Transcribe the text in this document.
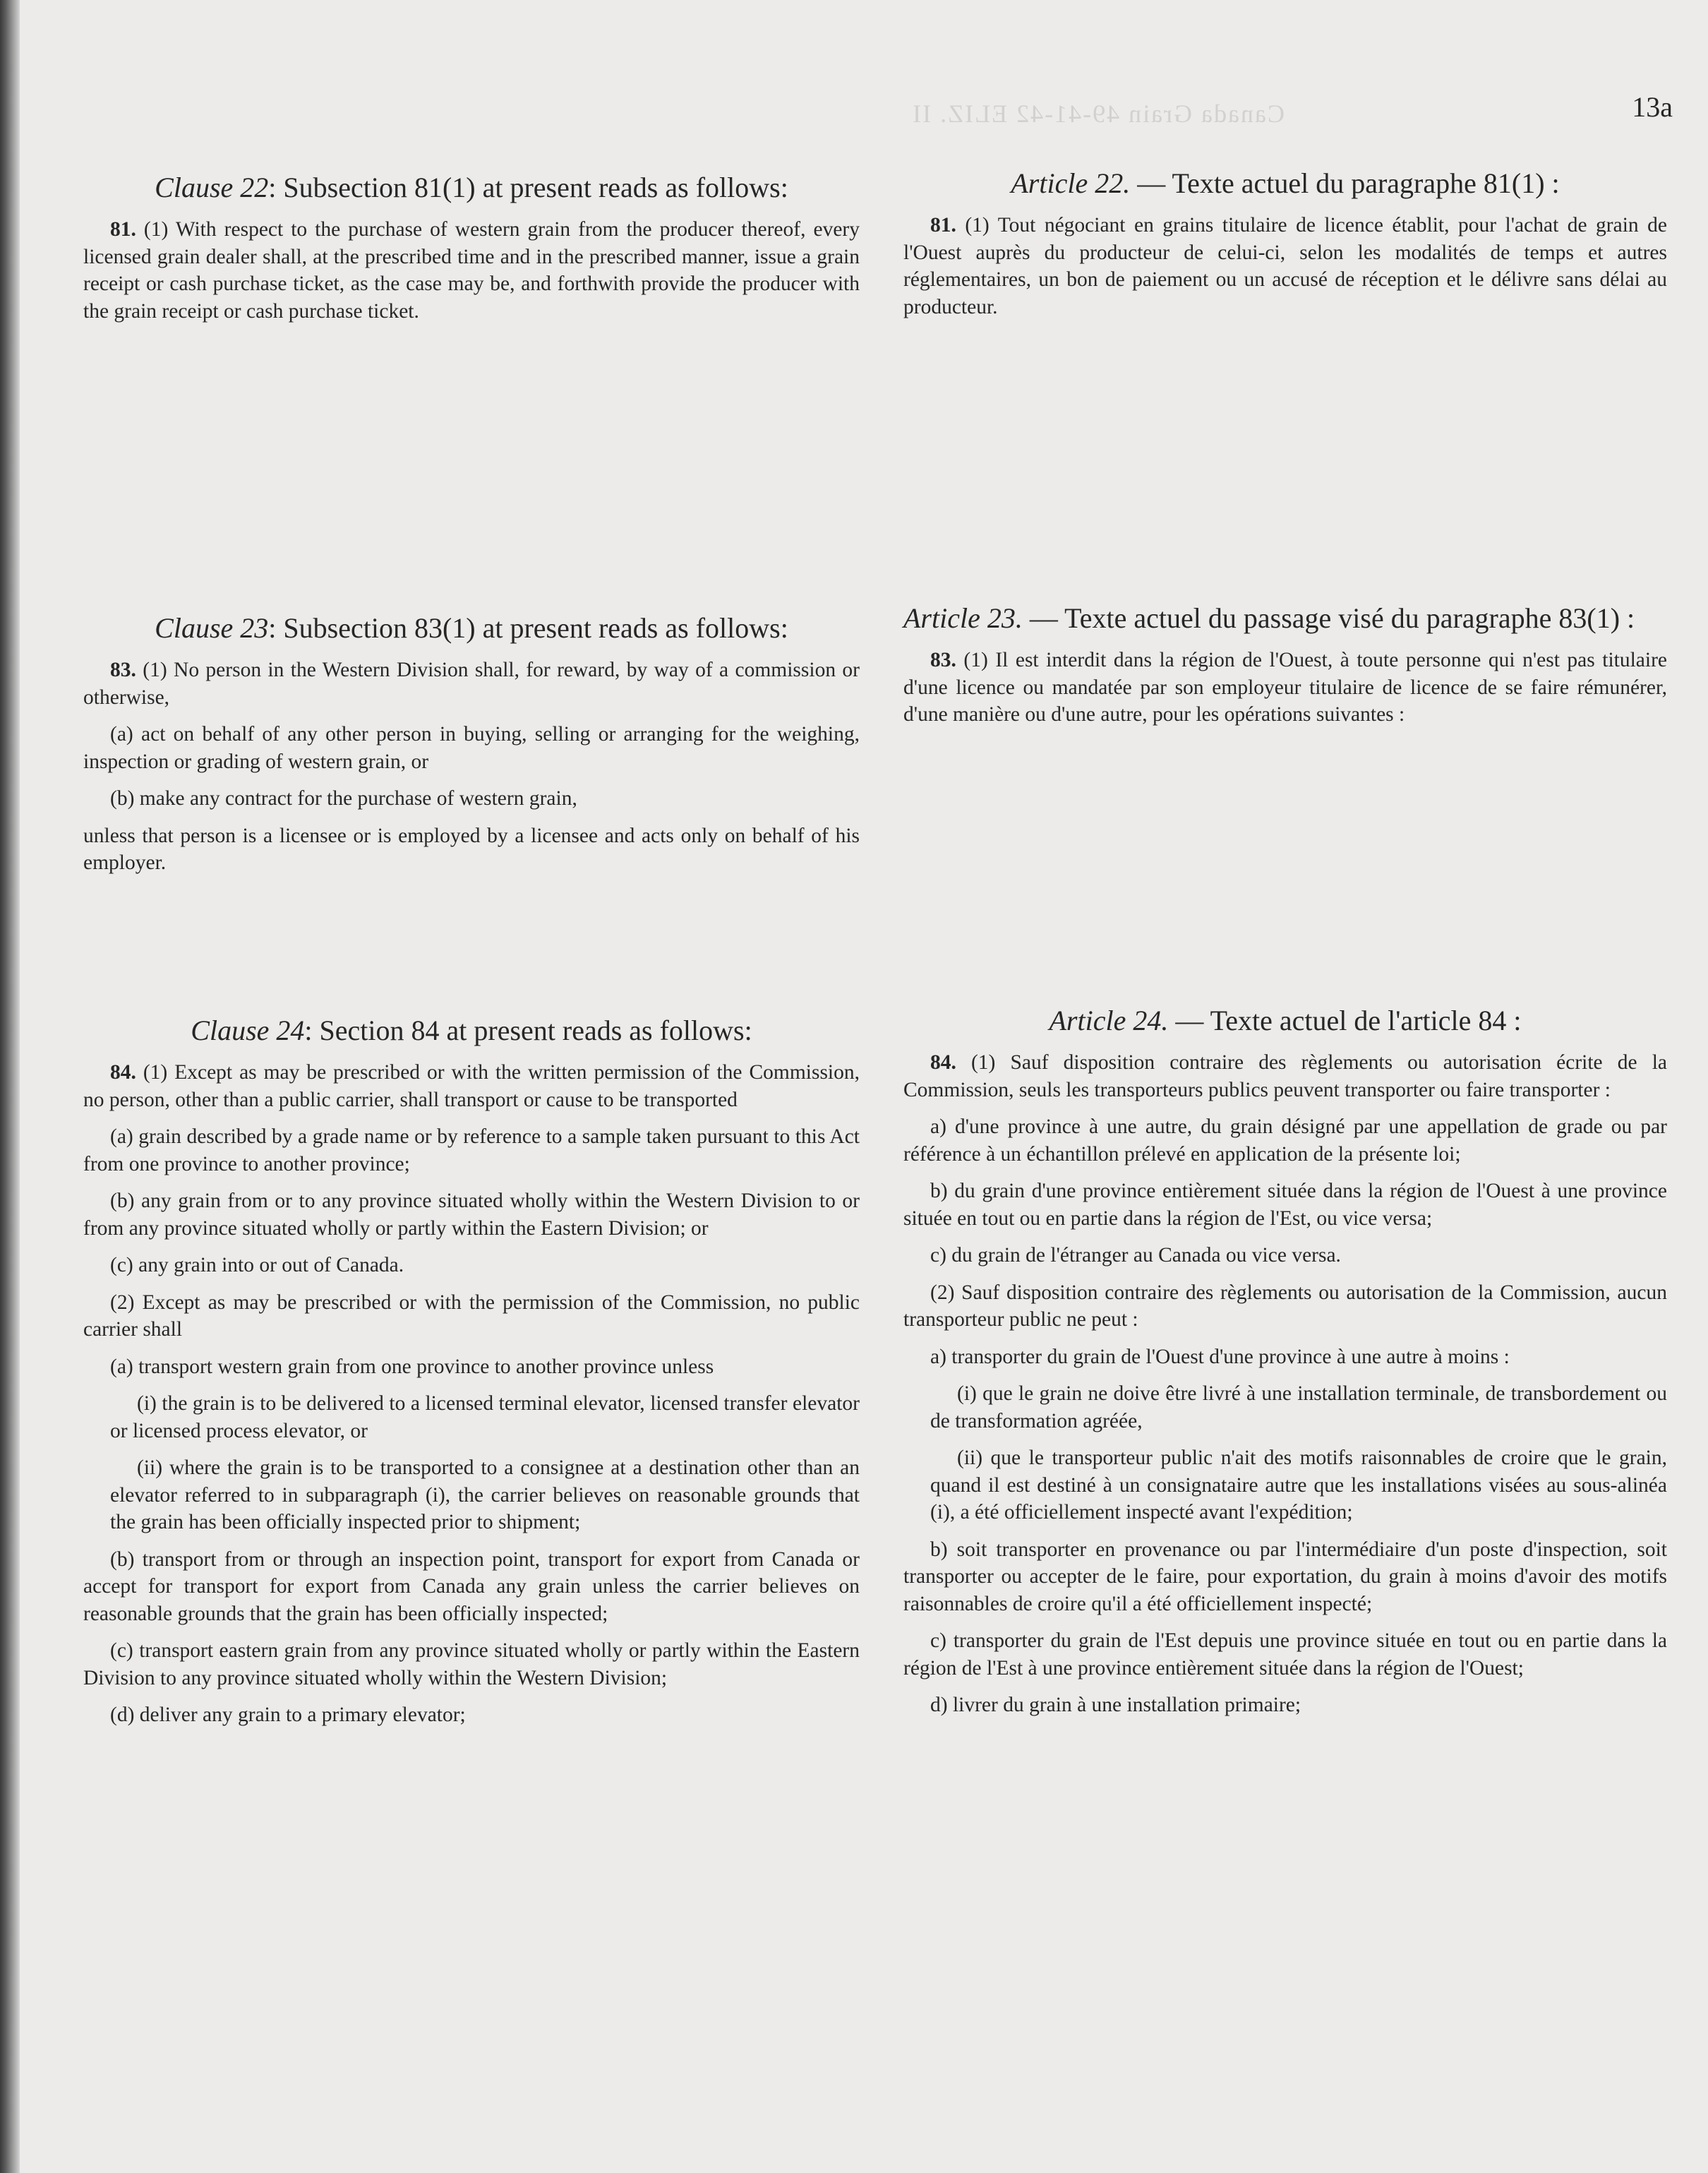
Canada Grain 49-41-42 ELIZ. II	13a
Clause 22: Subsection 81(1) at present reads as follows:

81. (1) With respect to the purchase of western grain from the producer thereof, every licensed grain dealer shall, at the prescribed time and in the prescribed manner, issue a grain receipt or cash purchase ticket, as the case may be, and forthwith provide the producer with the grain receipt or cash purchase ticket.

Clause 23: Subsection 83(1) at present reads as follows:

83. (1) No person in the Western Division shall, for reward, by way of a commission or otherwise,

(a) act on behalf of any other person in buying, selling or arranging for the weighing, inspection or grading of western grain, or

(b) make any contract for the purchase of western grain,

unless that person is a licensee or is employed by a licensee and acts only on behalf of his employer.

Clause 24: Section 84 at present reads as follows:

84. (1) Except as may be prescribed or with the written permission of the Commission, no person, other than a public carrier, shall transport or cause to be transported

(a) grain described by a grade name or by reference to a sample taken pursuant to this Act from one province to another province;

(b) any grain from or to any province situated wholly within the Western Division to or from any province situated wholly or partly within the Eastern Division; or

(c) any grain into or out of Canada.

(2) Except as may be prescribed or with the permission of the Commission, no public carrier shall

(a) transport western grain from one province to another province unless

(i) the grain is to be delivered to a licensed terminal elevator, licensed transfer elevator or licensed process elevator, or

(ii) where the grain is to be transported to a consignee at a destination other than an elevator referred to in subparagraph (i), the carrier believes on reasonable grounds that the grain has been officially inspected prior to shipment;

(b) transport from or through an inspection point, transport for export from Canada or accept for transport for export from Canada any grain unless the carrier believes on reasonable grounds that the grain has been officially inspected;

(c) transport eastern grain from any province situated wholly or partly within the Eastern Division to any province situated wholly within the Western Division;

(d) deliver any grain to a primary elevator;

Article 22. — Texte actuel du paragraphe 81(1) :

81. (1) Tout négociant en grains titulaire de licence établit, pour l'achat de grain de l'Ouest auprès du producteur de celui-ci, selon les modalités de temps et autres réglementaires, un bon de paiement ou un accusé de réception et le délivre sans délai au producteur.

Article 23. — Texte actuel du passage visé du paragraphe 83(1) :

83. (1) Il est interdit dans la région de l'Ouest, à toute personne qui n'est pas titulaire d'une licence ou mandatée par son employeur titulaire de licence de se faire rémunérer, d'une manière ou d'une autre, pour les opérations suivantes :

Article 24. — Texte actuel de l'article 84 :

84. (1) Sauf disposition contraire des règlements ou autorisation écrite de la Commission, seuls les transporteurs publics peuvent transporter ou faire transporter :

a) d'une province à une autre, du grain désigné par une appellation de grade ou par référence à un échantillon prélevé en application de la présente loi;

b) du grain d'une province entièrement située dans la région de l'Ouest à une province située en tout ou en partie dans la région de l'Est, ou vice versa;

c) du grain de l'étranger au Canada ou vice versa.

(2) Sauf disposition contraire des règlements ou autorisation de la Commission, aucun transporteur public ne peut :

a) transporter du grain de l'Ouest d'une province à une autre à moins :

(i) que le grain ne doive être livré à une installation terminale, de transbordement ou de transformation agréée,

(ii) que le transporteur public n'ait des motifs raisonnables de croire que le grain, quand il est destiné à un consignataire autre que les installations visées au sous-alinéa (i), a été officiellement inspecté avant l'expédition;

b) soit transporter en provenance ou par l'intermédiaire d'un poste d'inspection, soit transporter ou accepter de le faire, pour exportation, du grain à moins d'avoir des motifs raisonnables de croire qu'il a été officiellement inspecté;

c) transporter du grain de l'Est depuis une province située en tout ou en partie dans la région de l'Est à une province entièrement située dans la région de l'Ouest;

d) livrer du grain à une installation primaire;
